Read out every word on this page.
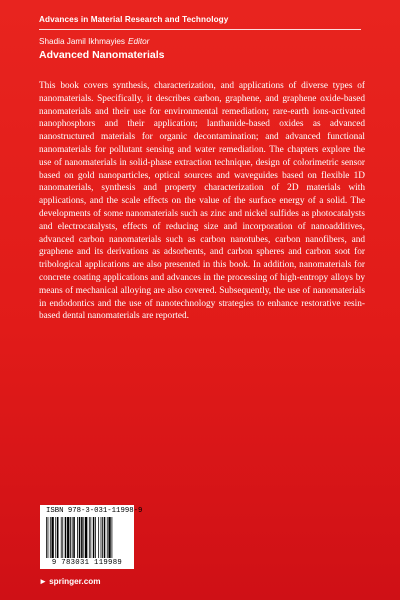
Advances in Material Research and Technology
Shadia Jamil Ikhmayies Editor
Advanced Nanomaterials

This book covers synthesis, characterization, and applications of diverse types of nanomaterials. Specifically, it describes carbon, graphene, and graphene oxide-based nanomaterials and their use for environmental remediation; rare-earth ions-activated nanophosphors and their application; lanthanide-based oxides as advanced nanostructured materials for organic decontamination; and advanced functional nanomaterials for pollutant sensing and water remediation. The chapters explore the use of nanomaterials in solid-phase extraction technique, design of colorimetric sensor based on gold nanoparticles, optical sources and waveguides based on flexible 1D nanomaterials, synthesis and property characterization of 2D materials with applications, and the scale effects on the value of the surface energy of a solid. The developments of some nanomaterials such as zinc and nickel sulfides as photocatalysts and electrocatalysts, effects of reducing size and incorporation of nanoadditives, advanced carbon nanomaterials such as carbon nanotubes, carbon nanofibers, and graphene and its derivations as adsorbents, and carbon spheres and carbon soot for tribological applications are also presented in this book. In addition, nanomaterials for concrete coating applications and advances in the processing of high-entropy alloys by means of mechanical alloying are also covered. Subsequently, the use of nanomaterials in endodontics and the use of nanotechnology strategies to enhance restorative resin-based dental nanomaterials are reported.

ISBN 978-3-031-11998-9
9 783031 119989
► springer.com
